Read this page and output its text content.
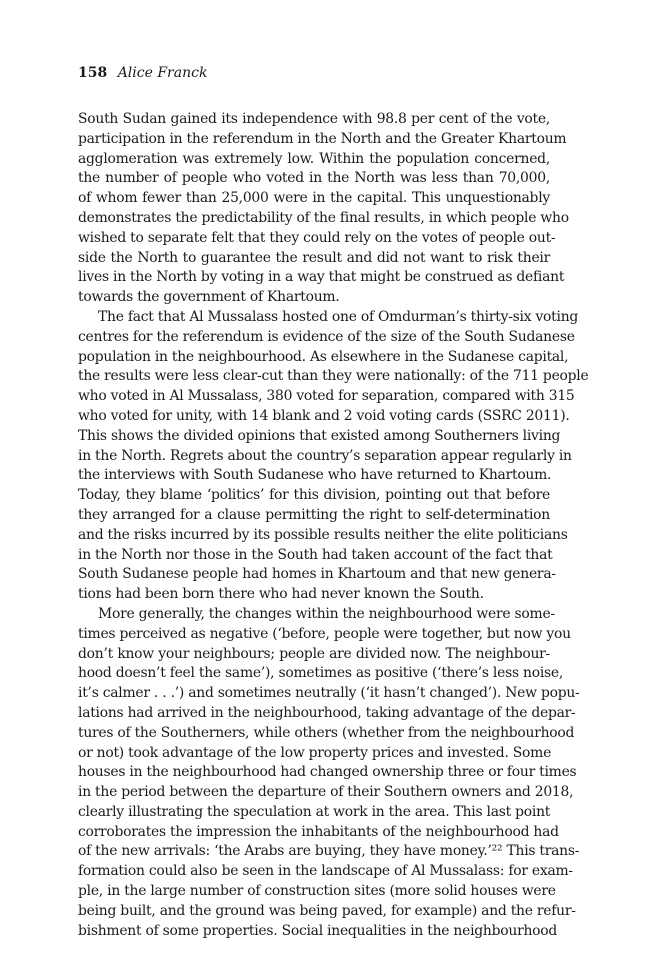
158 Alice Franck
South Sudan gained its independence with 98.8 per cent of the vote,
participation in the referendum in the North and the Greater Khartoum
agglomeration was extremely low. Within the population concerned,
the number of people who voted in the North was less than 70,000,
of whom fewer than 25,000 were in the capital. This unquestionably
demonstrates the predictability of the final results, in which people who
wished to separate felt that they could rely on the votes of people out-
side the North to guarantee the result and did not want to risk their
lives in the North by voting in a way that might be construed as defiant
towards the government of Khartoum.
The fact that Al Mussalass hosted one of Omdurman’s thirty-six voting
centres for the referendum is evidence of the size of the South Sudanese
population in the neighbourhood. As elsewhere in the Sudanese capital,
the results were less clear-cut than they were nationally: of the 711 people
who voted in Al Mussalass, 380 voted for separation, compared with 315
who voted for unity, with 14 blank and 2 void voting cards (SSRC 2011).
This shows the divided opinions that existed among Southerners living
in the North. Regrets about the country’s separation appear regularly in
the interviews with South Sudanese who have returned to Khartoum.
Today, they blame ‘politics’ for this division, pointing out that before
they arranged for a clause permitting the right to self-determination
and the risks incurred by its possible results neither the elite politicians
in the North nor those in the South had taken account of the fact that
South Sudanese people had homes in Khartoum and that new genera-
tions had been born there who had never known the South.
More generally, the changes within the neighbourhood were some-
times perceived as negative (‘before, people were together, but now you
don’t know your neighbours; people are divided now. The neighbour-
hood doesn’t feel the same’), sometimes as positive (‘there’s less noise,
it’s calmer . . .’) and sometimes neutrally (‘it hasn’t changed’). New popu-
lations had arrived in the neighbourhood, taking advantage of the depar-
tures of the Southerners, while others (whether from the neighbourhood
or not) took advantage of the low property prices and invested. Some
houses in the neighbourhood had changed ownership three or four times
in the period between the departure of their Southern owners and 2018,
clearly illustrating the speculation at work in the area. This last point
corroborates the impression the inhabitants of the neighbourhood had
of the new arrivals: ‘the Arabs are buying, they have money.’²² This trans-
formation could also be seen in the landscape of Al Mussalass: for exam-
ple, in the large number of construction sites (more solid houses were
being built, and the ground was being paved, for example) and the refur-
bishment of some properties. Social inequalities in the neighbourhood
